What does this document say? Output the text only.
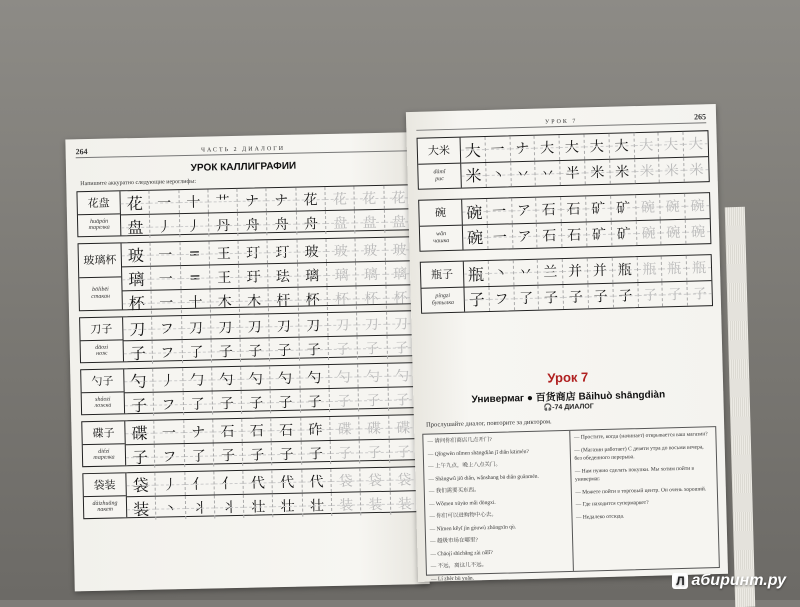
264	ЧАСТЬ 2 ДИАЛОГИ
УРОК КАЛЛИГРАФИИ
Напишите аккуратно следующие иероглифы:
花盘
huāpán
тарелка
花 一	十	艹	ナ	ナ	花	花	花	花
盘 丿	丿	丹	舟	舟	舟	盘	盘	盘
玻璃杯
bōlibēi
стакан
玻 一	=	王	玎	玎	玻	玻	玻	玻
璃 一	=	王	玗	珐	璃	璃	璃	璃
杯 一	十	木	木	杆	杯	杯	杯	杯
刀子
dāozi
нож
刀 フ	刀	刀	刀	刀	刀	刀	刀	刀
子 フ	了	子	子	子	子	子	子	子
勺子
sháozi
ложка
勺 丿	勹	勺	勺	勺	勺	勺	勺	勺
子 フ	了	子	子	子	子	子	子	子
碟子
diézi
тарелка
碟 一	ナ	石	石	石	砟	碟	碟	碟
子 フ	了	子	子	子	子	子	子	子
袋装
dàizhuāng
пакет
袋 丿	亻	亻	代	代	代	袋	袋	袋
装 丶	丬	丬	壮	壮	壮	装	装	装
УРОК 7
265
大米
dàmǐ
рис
大 一 ナ 大 大 大 大 大 大 大
米 丶 丷 丷 半 米 米 米 米 米
碗
wǎn
чашка
碗 一 ア 石 石 矿 矿 碗 碗 碗
碗 一 ア 石 石 矿 矿 碗 碗 碗
瓶子
píngzi
бутылка
瓶 丶 丷 兰 并 并 瓶 瓶 瓶 瓶
子 フ 了 子 子 子 子 子 子 子
Урок 7
Универмаг ● 百货商店 Bǎihuò shāngdiàn
🎧-74 ДИАЛОГ
Прослушайте диалог, повторите за диктором.

— 请问你们商店几点开门?

— Qǐngwèn nǐmen shāngdiàn jǐ diǎn kāimén?

— 上午九点，晚上八点关门。

— Shàngwǔ jiǔ diǎn, wǎnshang bā diǎn guānmén.

— 我们需要买东西。

— Wǒmen xūyào mǎi dōngxi.

— 你们可以进购物中心去。

— Nǐmen kěyǐ jìn gòuwù zhōngxīn qù.

— 超级市场在哪里?

— Chāojí shìchǎng zài nǎlǐ?

— 不远，离这儿不远。

— Lí zhèr bù yuǎn.

— Простите, когда (начинает) открывается ваш магазин?

— (Магазин работает) С девяти утра до восьми вечера, без обеденного перерыва.

— Нам нужно сделать покупки. Мы хотим пойти в универмаг.

— Можете пойти в торговый центр. Он очень хороший.

— Где находится супермаркет?

— Недалеко отсюда.

Л абиринт.ру
